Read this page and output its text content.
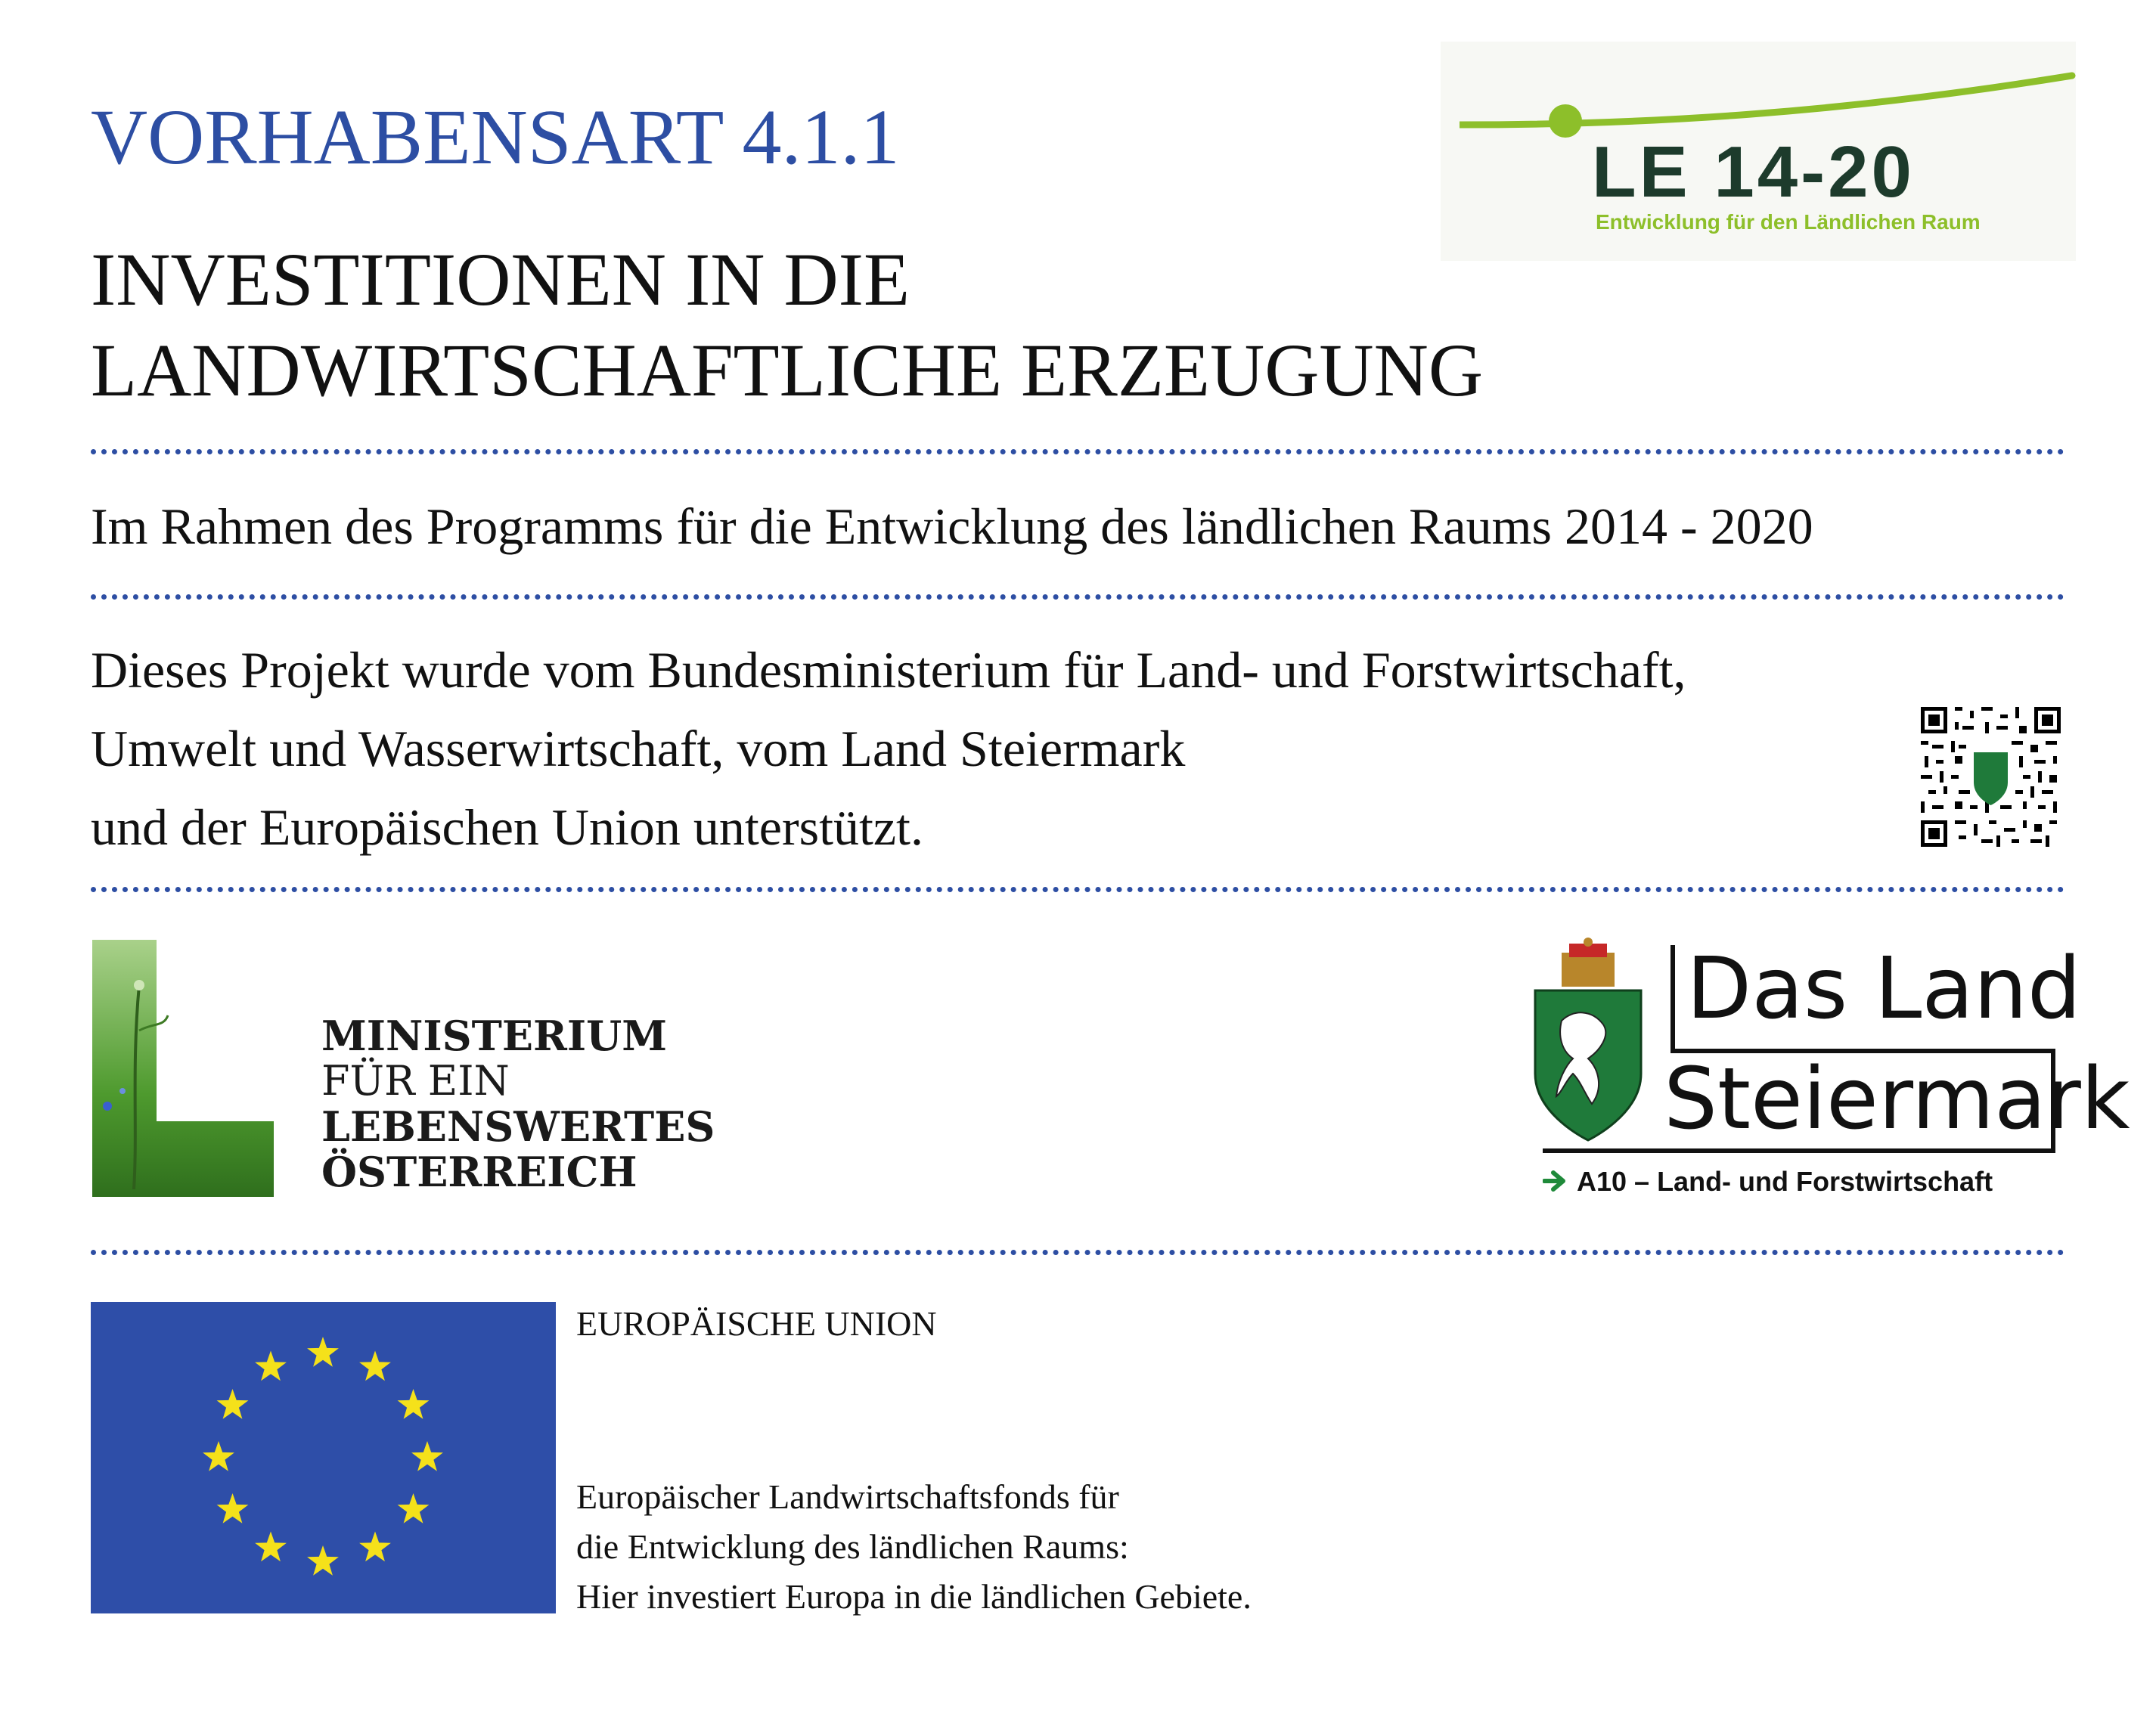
VORHABENSART 4.1.1
INVESTITIONEN IN DIE
LANDWIRTSCHAFTLICHE ERZEUGUNG
LE 14-20
Entwicklung für den Ländlichen Raum
Im Rahmen des Programms für die Entwicklung des ländlichen Raums 2014 - 2020
Dieses Projekt wurde vom Bundesministerium für Land- und Forstwirtschaft,
Umwelt und Wasserwirtschaft, vom Land Steiermark
und der Europäischen Union unterstützt.
MINISTERIUM
FÜR EIN
LEBENSWERTES
ÖSTERREICH
Das Land
Steiermark
A10 – Land- und Forstwirtschaft
EUROPÄISCHE UNION
Europäischer Landwirtschaftsfonds für
die Entwicklung des ländlichen Raums:
Hier investiert Europa in die ländlichen Gebiete.
